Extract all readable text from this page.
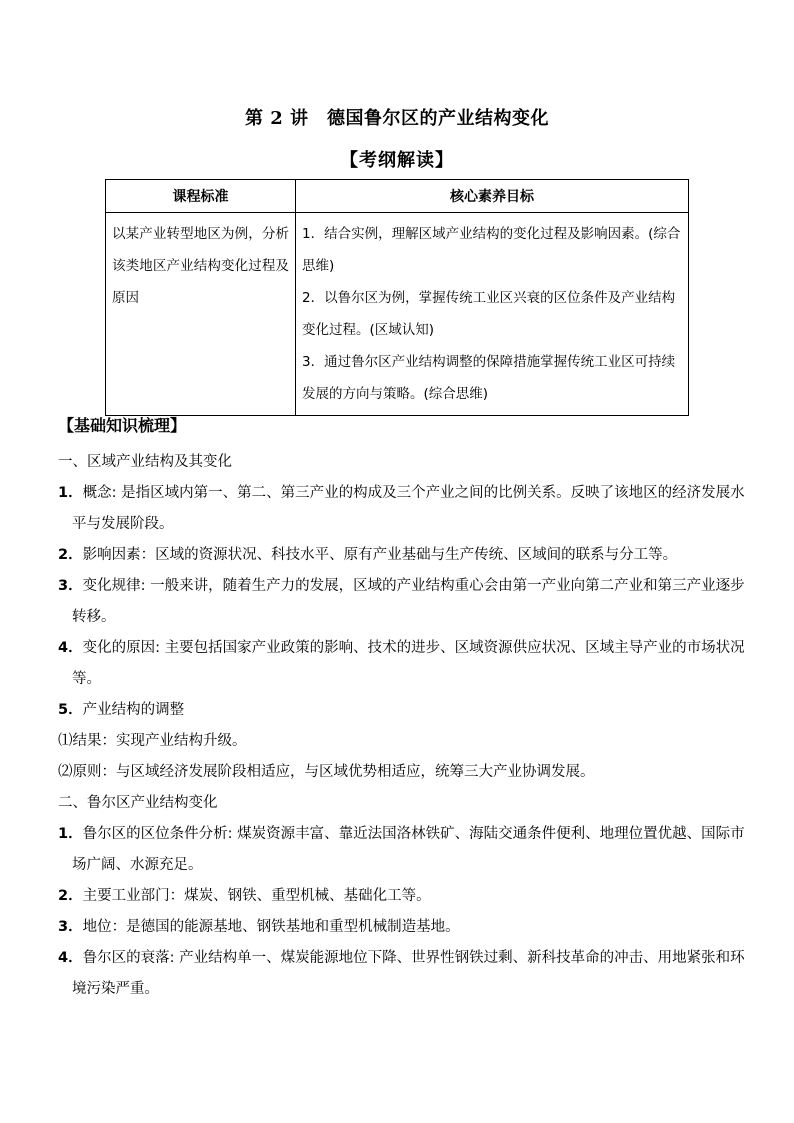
第 2 讲　德国鲁尔区的产业结构变化
【考纲解读】
课程标准	核心素养目标
以某产业转型地区为例，分析该类地区产业结构变化过程及原因	1．结合实例，理解区域产业结构的变化过程及影响因素。(综合思维)
2．以鲁尔区为例，掌握传统工业区兴衰的区位条件及产业结构变化过程。(区域认知)
3．通过鲁尔区产业结构调整的保障措施掌握传统工业区可持续发展的方向与策略。(综合思维)
【基础知识梳理】
一、区域产业结构及其变化
1．概念: 是指区域内第一、第二、第三产业的构成及三个产业之间的比例关系。反映了该地区的经济发展水
平与发展阶段。
2．影响因素：区域的资源状况、科技水平、原有产业基础与生产传统、区域间的联系与分工等。
3．变化规律: 一般来讲，随着生产力的发展，区域的产业结构重心会由第一产业向第二产业和第三产业逐步
转移。
4．变化的原因: 主要包括国家产业政策的影响、技术的进步、区域资源供应状况、区域主导产业的市场状况
等。
5．产业结构的调整
⑴结果：实现产业结构升级。
⑵原则：与区域经济发展阶段相适应，与区域优势相适应，统筹三大产业协调发展。
二、鲁尔区产业结构变化
1．鲁尔区的区位条件分析: 煤炭资源丰富、靠近法国洛林铁矿、海陆交通条件便利、地理位置优越、国际市
场广阔、水源充足。
2．主要工业部门：煤炭、钢铁、重型机械、基础化工等。
3．地位：是德国的能源基地、钢铁基地和重型机械制造基地。
4．鲁尔区的衰落: 产业结构单一、煤炭能源地位下降、世界性钢铁过剩、新科技革命的冲击、用地紧张和环
境污染严重。
